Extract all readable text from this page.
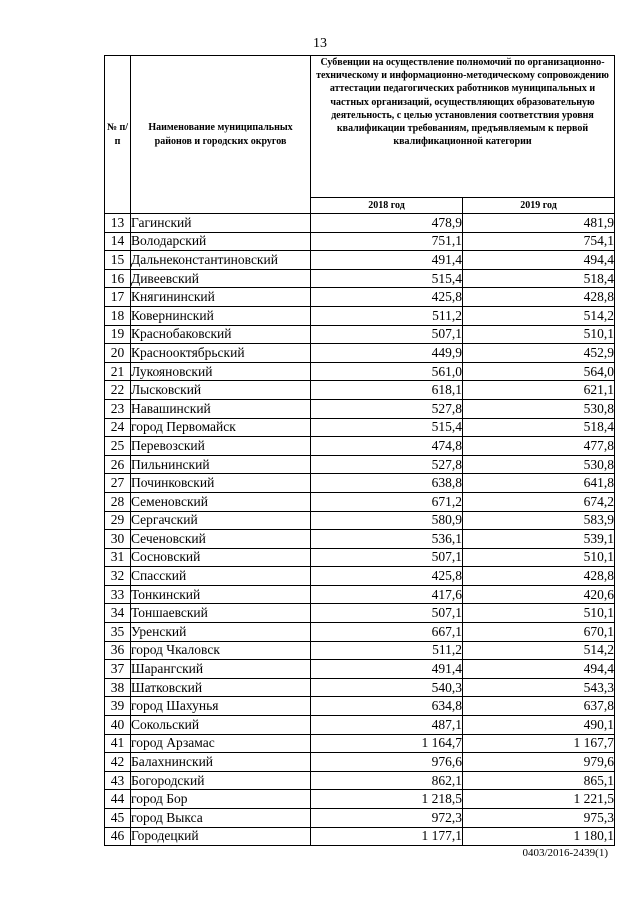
13
№ п/п	Наименование муниципальных районов и городских округов	Субвенции на осуществление полномочий по организационно-техническому и информационно-методическому сопровождению аттестации педагогических работников муниципальных и частных организаций, осуществляющих образовательную деятельность, с целью установления соответствия уровня квалификации требованиям, предъявляемым к первой квалификационной категории	
		2018 год	2019 год
13	Гагинский	478,9	481,9
14	Володарский	751,1	754,1
15	Дальнеконстантиновский	491,4	494,4
16	Дивеевский	515,4	518,4
17	Княгининский	425,8	428,8
18	Ковернинский	511,2	514,2
19	Краснобаковский	507,1	510,1
20	Краснооктябрьский	449,9	452,9
21	Лукояновский	561,0	564,0
22	Лысковский	618,1	621,1
23	Навашинский	527,8	530,8
24	город Первомайск	515,4	518,4
25	Перевозский	474,8	477,8
26	Пильнинский	527,8	530,8
27	Починковский	638,8	641,8
28	Семеновский	671,2	674,2
29	Сергачский	580,9	583,9
30	Сеченовский	536,1	539,1
31	Сосновский	507,1	510,1
32	Спасский	425,8	428,8
33	Тонкинский	417,6	420,6
34	Тоншаевский	507,1	510,1
35	Уренский	667,1	670,1
36	город Чкаловск	511,2	514,2
37	Шарангский	491,4	494,4
38	Шатковский	540,3	543,3
39	город Шахунья	634,8	637,8
40	Сокольский	487,1	490,1
41	город Арзамас	1 164,7	1 167,7
42	Балахнинский	976,6	979,6
43	Богородский	862,1	865,1
44	город Бор	1 218,5	1 221,5
45	город Выкса	972,3	975,3
46	Городецкий	1 177,1	1 180,1
0403/2016-2439(1)
